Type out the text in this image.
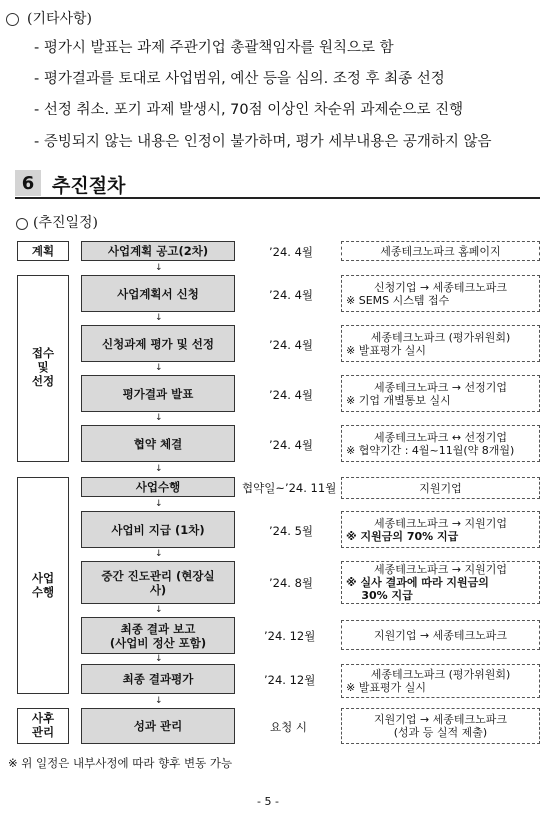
(기타사항)
- 평가시 발표는 과제 주관기업 총괄책임자를 원칙으로 함
- 평가결과를 토대로 사업범위, 예산 등을 심의. 조정 후 최종 선정
- 선정 취소. 포기 과제 발생시, 70점 이상인 차순위 과제순으로 진행
- 증빙되지 않는 내용은 인정이 불가하며, 평가 세부내용은 공개하지 않음
6 추진절차
(추진일정)
계획
접수
및
선정
사업
수행
사후
관리
사업계획 공고(2차)
사업계획서 신청
신청과제 평가 및 선정
평가결과 발표
협약 체결
사업수행
사업비 지급 (1차)
중간 진도관리 (현장실
사)
최종 결과 보고
(사업비 정산 포함)
최종 결과평가
성과 관리
↓
↓
↓
↓
↓
↓
↓
↓
↓
↓
’24. 4월
’24. 4월
’24. 4월
’24. 4월
’24. 4월
협약일~’24. 11월
’24. 5월
’24. 8월
’24. 12월
’24. 12월
요청 시
세종테크노파크 홈페이지
신청기업 → 세종테크노파크
※ SEMS 시스템 접수
세종테크노파크 (평가위원회)
※ 발표평가 실시
세종테크노파크 → 선정기업
※ 기업 개별통보 실시
세종테크노파크 ↔ 선정기업
※ 협약기간 : 4월~11월(약 8개월)
지원기업
세종테크노파크 → 지원기업
※ 지원금의 70% 지급
세종테크노파크 → 지원기업
※ 실사 결과에 따라 지원금의
30% 지급
지원기업 → 세종테크노파크
세종테크노파크 (평가위원회)
※ 발표평가 실시
지원기업 → 세종테크노파크
(성과 등 실적 제출)
※ 위 일정은 내부사정에 따라 향후 변동 가능
- 5 -
